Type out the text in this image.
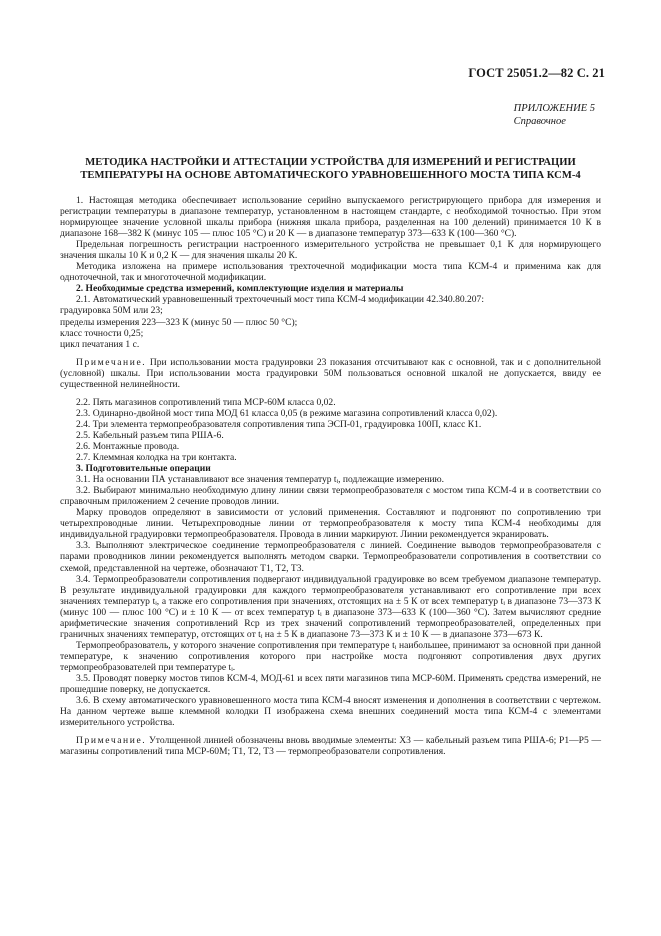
ГОСТ 25051.2—82 С. 21
ПРИЛОЖЕНИЕ 5
Справочное
МЕТОДИКА НАСТРОЙКИ И АТТЕСТАЦИИ УСТРОЙСТВА ДЛЯ ИЗМЕРЕНИЙ И РЕГИСТРАЦИИ ТЕМПЕРАТУРЫ НА ОСНОВЕ АВТОМАТИЧЕСКОГО УРАВНОВЕШЕННОГО МОСТА ТИПА КСМ-4

1. Настоящая методика обеспечивает использование серийно выпускаемого регистрирующего прибора для измерения и регистрации температуры в диапазоне температур, установленном в настоящем стандарте, с необходимой точностью. При этом нормирующее значение условной шкалы прибора (нижняя шкала прибора, разделенная на 100 делений) принимается 10 К в диапазоне 168—382 К (минус 105 — плюс 105 °С) и 20 К — в диапазоне температур 373—633 К (100—360 °С).

Предельная погрешность регистрации настроенного измерительного устройства не превышает 0,1 К для нормирующего значения шкалы 10 К и 0,2 К — для значения шкалы 20 К.

Методика изложена на примере использования трехточечной модификации моста типа КСМ-4 и применима как для одноточечной, так и многоточечной модификации.

2. Необходимые средства измерений, комплектующие изделия и материалы

2.1. Автоматический уравновешенный трехточечный мост типа КСМ-4 модификации 42.340.80.207:

градуировка 50М или 23;

пределы измерения 223—323 К (минус 50 — плюс 50 °С);

класс точности 0,25;

цикл печатания 1 с.

Примечание. При использовании моста градуировки 23 показания отсчитывают как с основной, так и с дополнительной (условной) шкалы. При использовании моста градуировки 50М пользоваться основной шкалой не допускается, ввиду ее существенной нелинейности.

2.2. Пять магазинов сопротивлений типа МСР-60М класса 0,02.

2.3. Одинарно-двойной мост типа МОД 61 класса 0,05 (в режиме магазина сопротивлений класса 0,02).

2.4. Три элемента термопреобразователя сопротивления типа ЭСП-01, градуировка 100П, класс К1.

2.5. Кабельный разъем типа РША-6.

2.6. Монтажные провода.

2.7. Клеммная колодка на три контакта.

3. Подготовительные операции

3.1. На основании ПА устанавливают все значения температур tᵢ, подлежащие измерению.

3.2. Выбирают минимально необходимую длину линии связи термопреобразователя с мостом типа КСМ-4 и в соответствии со справочным приложением 2 сечение проводов линии.

Марку проводов определяют в зависимости от условий применения. Составляют и подгоняют по сопротивлению три четырехпроводные линии. Четырехпроводные линии от термопреобразователя к мосту типа КСМ-4 необходимы для индивидуальной градуировки термопреобразователя. Провода в линии маркируют. Линии рекомендуется экранировать.

3.3. Выполняют электрическое соединение термопреобразователя с линией. Соединение выводов термопреобразователя с парами проводников линии рекомендуется выполнять методом сварки. Термопреобразователи сопротивления в соответствии со схемой, представленной на чертеже, обозначают Т1, Т2, Т3.

3.4. Термопреобразователи сопротивления подвергают индивидуальной градуировке во всем требуемом диапазоне температур. В результате индивидуальной градуировки для каждого термопреобразователя устанавливают его сопротивление при всех значениях температур tᵢ, а также его сопротивления при значениях, отстоящих на ± 5 К от всех температур tᵢ в диапазоне 73—373 К (минус 100 — плюс 100 °С) и ± 10 К — от всех температур tᵢ в диапазоне 373—633 К (100—360 °С). Затем вычисляют средние арифметические значения сопротивлений Rср из трех значений сопротивлений термопреобразователей, определенных при граничных значениях температур, отстоящих от tᵢ на ± 5 К в диапазоне 73—373 К и ± 10 К — в диапазоне 373—673 К.

Термопреобразователь, у которого значение сопротивления при температуре tᵢ наибольшее, принимают за основной при данной температуре, к значению сопротивления которого при настройке моста подгоняют сопротивления двух других термопреобразователей при температуре tᵢ.

3.5. Проводят поверку мостов типов КСМ-4, МОД-61 и всех пяти магазинов типа МСР-60М. Применять средства измерений, не прошедшие поверку, не допускается.

3.6. В схему автоматического уравновешенного моста типа КСМ-4 вносят изменения и дополнения в соответствии с чертежом. На данном чертеже выше клеммной колодки П изображена схема внешних соединений моста типа КСМ-4 с элементами измерительного устройства.

Примечание. Утолщенной линией обозначены вновь вводимые элементы: Х3 — кабельный разъем типа РША-6; Р1—Р5 — магазины сопротивлений типа МСР-60М; Т1, Т2, Т3 — термопреобразователи сопротивления.
